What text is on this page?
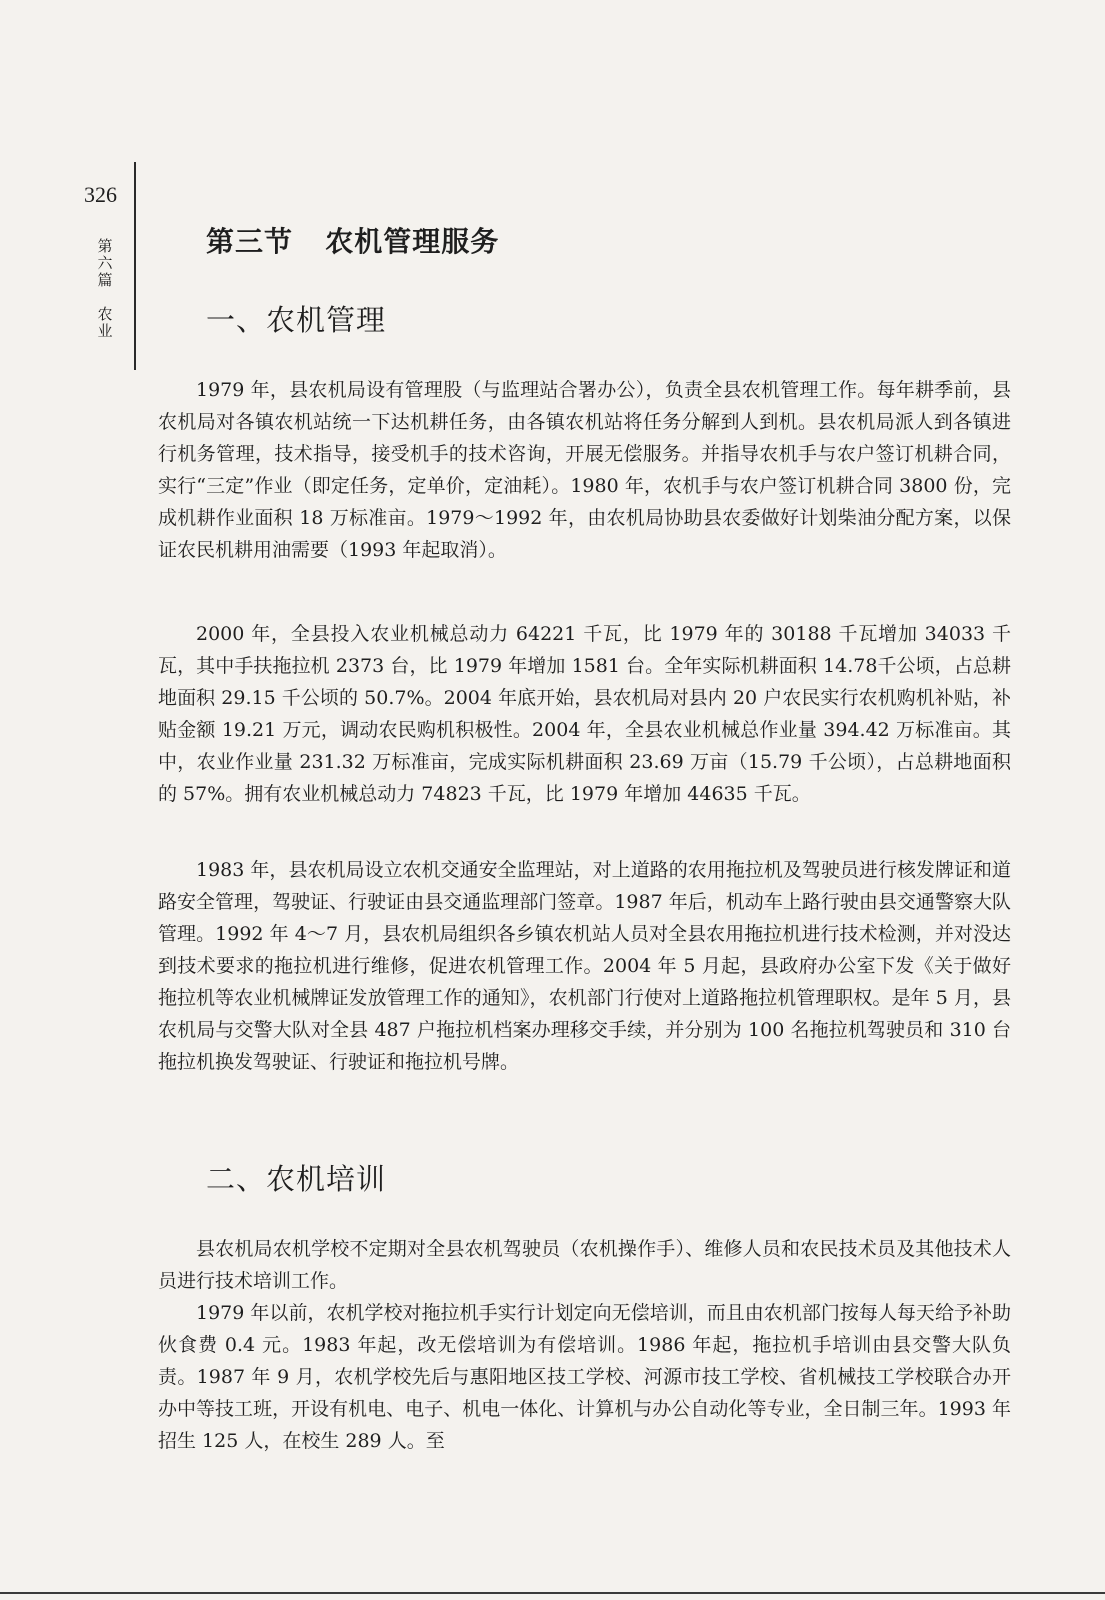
326
第
六
篇

农
业
第三节   农机管理服务
一、农机管理

1979 年，县农机局设有管理股（与监理站合署办公），负责全县农机管理工作。每年耕季前，县农机局对各镇农机站统一下达机耕任务，由各镇农机站将任务分解到人到机。县农机局派人到各镇进行机务管理，技术指导，接受机手的技术咨询，开展无偿服务。并指导农机手与农户签订机耕合同，实行“三定”作业（即定任务，定单价，定油耗）。1980 年，农机手与农户签订机耕合同 3800 份，完成机耕作业面积 18 万标准亩。1979～1992 年，由农机局协助县农委做好计划柴油分配方案，以保证农民机耕用油需要（1993 年起取消）。

2000 年，全县投入农业机械总动力 64221 千瓦，比 1979 年的 30188 千瓦增加 34033 千瓦，其中手扶拖拉机 2373 台，比 1979 年增加 1581 台。全年实际机耕面积 14.78千公顷，占总耕地面积 29.15 千公顷的 50.7%。2004 年底开始，县农机局对县内 20 户农民实行农机购机补贴，补贴金额 19.21 万元，调动农民购机积极性。2004 年，全县农业机械总作业量 394.42 万标准亩。其中，农业作业量 231.32 万标准亩，完成实际机耕面积 23.69 万亩（15.79 千公顷），占总耕地面积的 57%。拥有农业机械总动力 74823 千瓦，比 1979 年增加 44635 千瓦。

1983 年，县农机局设立农机交通安全监理站，对上道路的农用拖拉机及驾驶员进行核发牌证和道路安全管理，驾驶证、行驶证由县交通监理部门签章。1987 年后，机动车上路行驶由县交通警察大队管理。1992 年 4～7 月，县农机局组织各乡镇农机站人员对全县农用拖拉机进行技术检测，并对没达到技术要求的拖拉机进行维修，促进农机管理工作。2004 年 5 月起，县政府办公室下发《关于做好拖拉机等农业机械牌证发放管理工作的通知》，农机部门行使对上道路拖拉机管理职权。是年 5 月，县农机局与交警大队对全县 487 户拖拉机档案办理移交手续，并分别为 100 名拖拉机驾驶员和 310 台拖拉机换发驾驶证、行驶证和拖拉机号牌。

二、农机培训

县农机局农机学校不定期对全县农机驾驶员（农机操作手）、维修人员和农民技术员及其他技术人员进行技术培训工作。

1979 年以前，农机学校对拖拉机手实行计划定向无偿培训，而且由农机部门按每人每天给予补助伙食费 0.4 元。1983 年起，改无偿培训为有偿培训。1986 年起，拖拉机手培训由县交警大队负责。1987 年 9 月，农机学校先后与惠阳地区技工学校、河源市技工学校、省机械技工学校联合办开办中等技工班，开设有机电、电子、机电一体化、计算机与办公自动化等专业，全日制三年。1993 年招生 125 人，在校生 289 人。至
